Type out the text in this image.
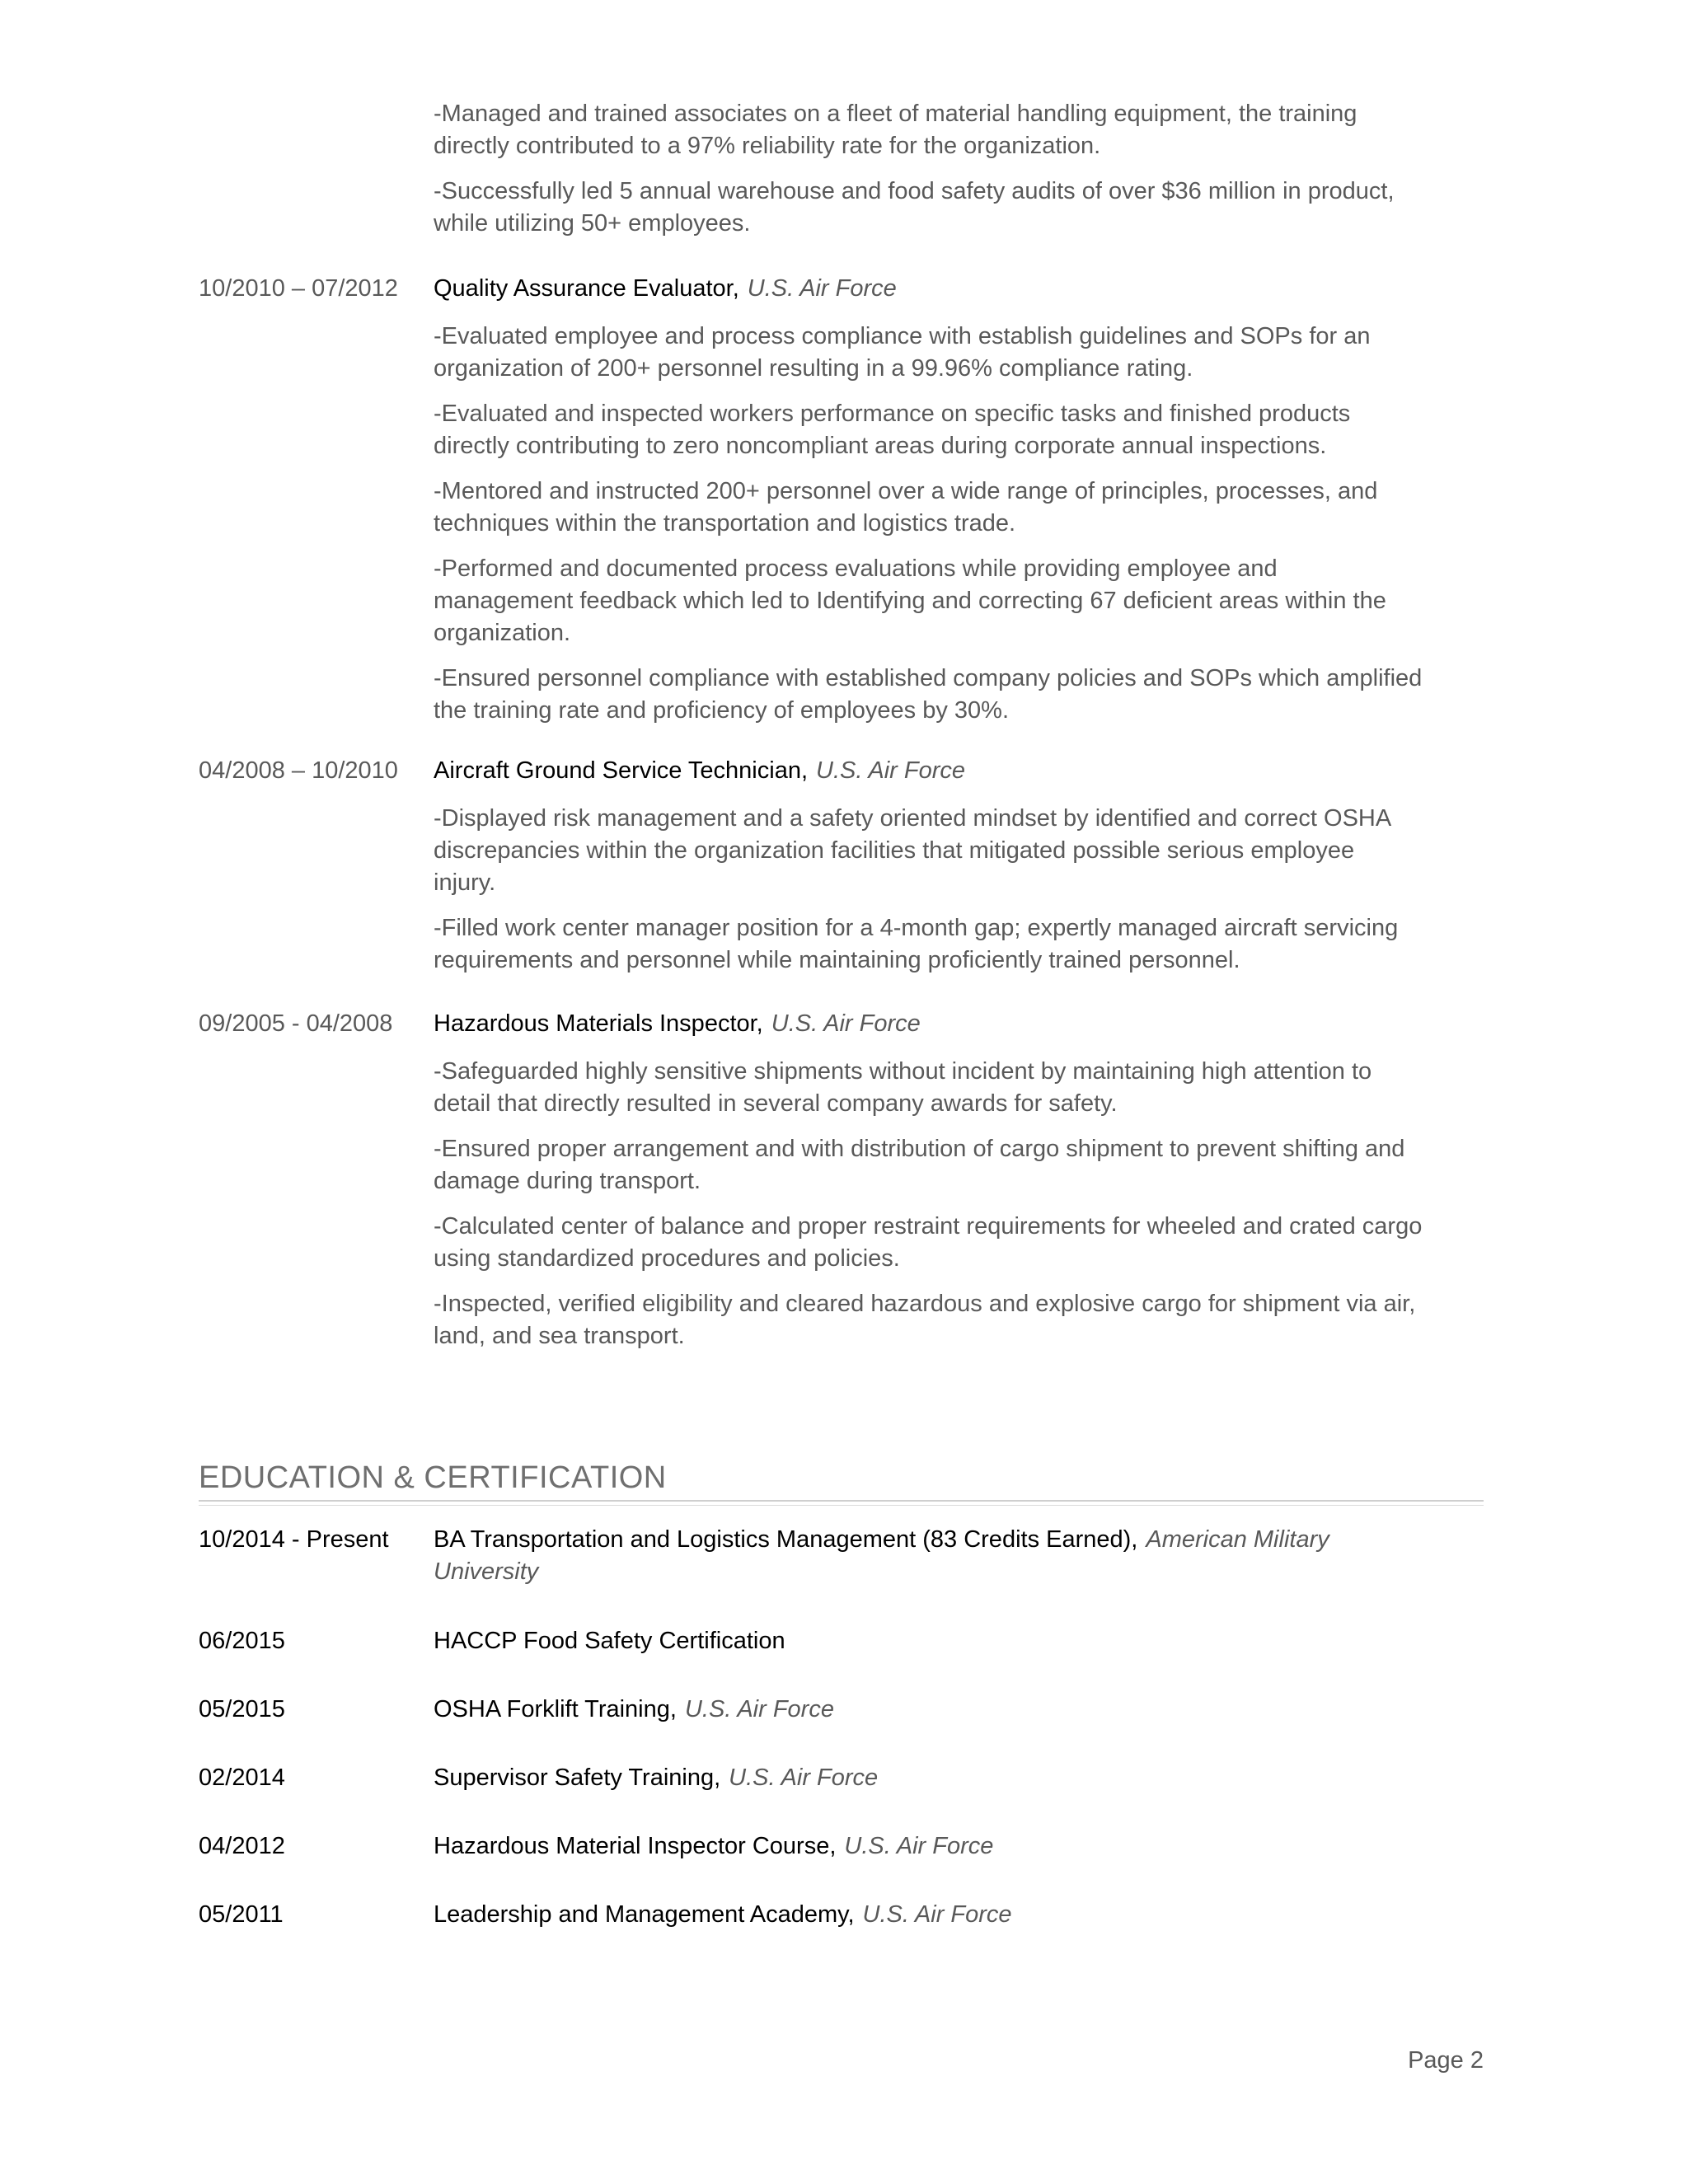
-Managed and trained associates on a fleet of material handling equipment, the training directly contributed to a 97% reliability rate for the organization.

-Successfully led 5 annual warehouse and food safety audits of over $36 million in product, while utilizing 50+ employees.

10/2010 – 07/2012 Quality Assurance Evaluator, U.S. Air Force

-Evaluated employee and process compliance with establish guidelines and SOPs for an organization of 200+ personnel resulting in a 99.96% compliance rating.

-Evaluated and inspected workers performance on specific tasks and finished products directly contributing to zero noncompliant areas during corporate annual inspections.

-Mentored and instructed 200+ personnel over a wide range of principles, processes, and techniques within the transportation and logistics trade.

-Performed and documented process evaluations while providing employee and management feedback which led to Identifying and correcting 67 deficient areas within the organization.

-Ensured personnel compliance with established company policies and SOPs which amplified the training rate and proficiency of employees by 30%.

04/2008 – 10/2010 Aircraft Ground Service Technician, U.S. Air Force

-Displayed risk management and a safety oriented mindset by identified and correct OSHA discrepancies within the organization facilities that mitigated possible serious employee injury.

-Filled work center manager position for a 4-month gap; expertly managed aircraft servicing requirements and personnel while maintaining proficiently trained personnel.

09/2005 - 04/2008 Hazardous Materials Inspector, U.S. Air Force

-Safeguarded highly sensitive shipments without incident by maintaining high attention to detail that directly resulted in several company awards for safety.

-Ensured proper arrangement and with distribution of cargo shipment to prevent shifting and damage during transport.

-Calculated center of balance and proper restraint requirements for wheeled and crated cargo using standardized procedures and policies.

-Inspected, verified eligibility and cleared hazardous and explosive cargo for shipment via air, land, and sea transport.

EDUCATION & CERTIFICATION
10/2014 - Present BA Transportation and Logistics Management (83 Credits Earned), American Military University
06/2015	HACCP Food Safety Certification
05/2015	OSHA Forklift Training, U.S. Air Force
02/2014	Supervisor Safety Training, U.S. Air Force
04/2012	Hazardous Material Inspector Course, U.S. Air Force
05/2011	Leadership and Management Academy, U.S. Air Force
Page 2
